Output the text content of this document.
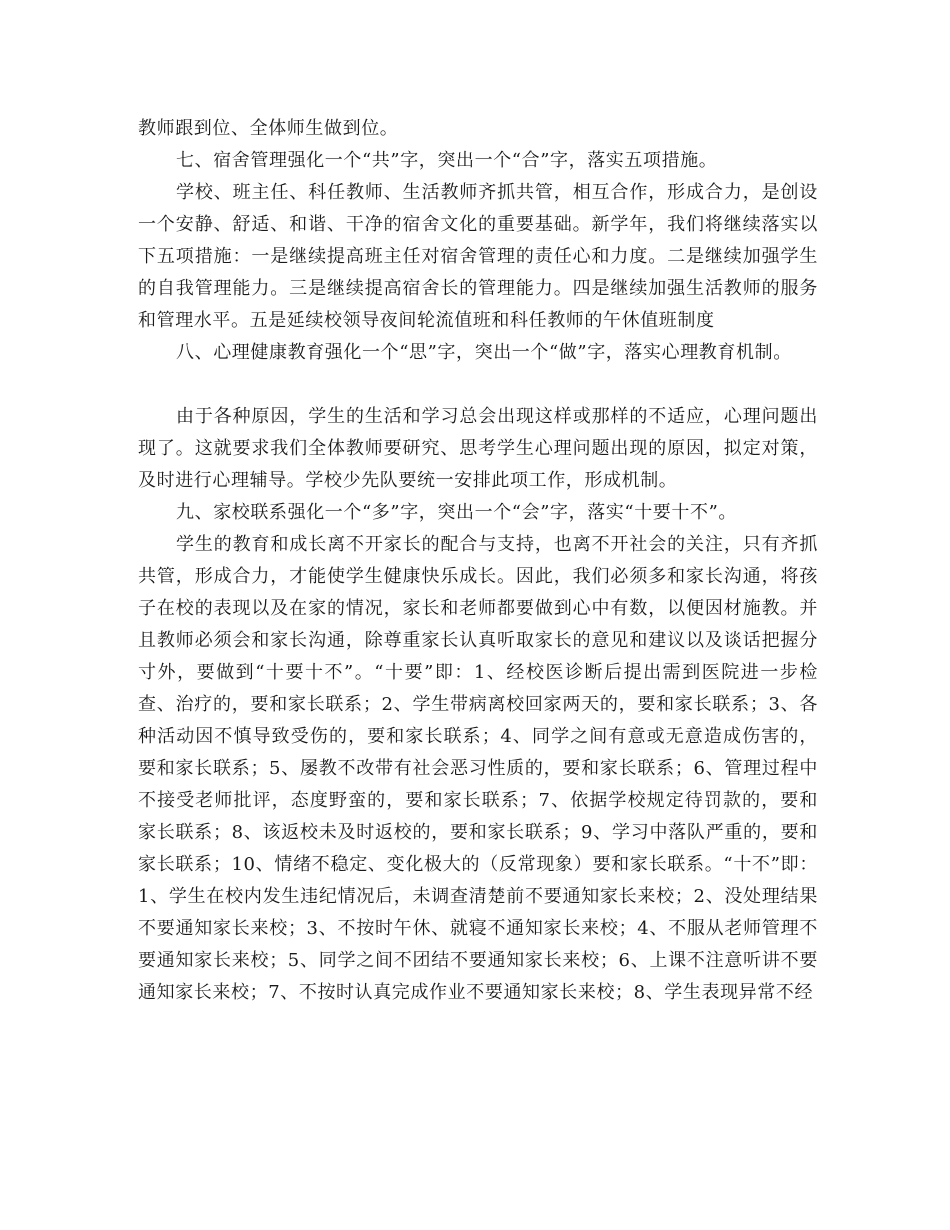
教师跟到位、全体师生做到位。

七、宿舍管理强化一个“共”字，突出一个“合”字，落实五项措施。

学校、班主任、科任教师、生活教师齐抓共管，相互合作，形成合力，是创设一个安静、舒适、和谐、干净的宿舍文化的重要基础。新学年，我们将继续落实以下五项措施：一是继续提高班主任对宿舍管理的责任心和力度。二是继续加强学生的自我管理能力。三是继续提高宿舍长的管理能力。四是继续加强生活教师的服务和管理水平。五是延续校领导夜间轮流值班和科任教师的午休值班制度

八、心理健康教育强化一个“思”字，突出一个“做”字，落实心理教育机制。

由于各种原因，学生的生活和学习总会出现这样或那样的不适应，心理问题出现了。这就要求我们全体教师要研究、思考学生心理问题出现的原因，拟定对策，及时进行心理辅导。学校少先队要统一安排此项工作，形成机制。

九、家校联系强化一个“多”字，突出一个“会”字，落实“十要十不”。

学生的教育和成长离不开家长的配合与支持，也离不开社会的关注，只有齐抓共管，形成合力，才能使学生健康快乐成长。因此，我们必须多和家长沟通，将孩子在校的表现以及在家的情况，家长和老师都要做到心中有数，以便因材施教。并且教师必须会和家长沟通，除尊重家长认真听取家长的意见和建议以及谈话把握分寸外，要做到“十要十不”。“十要”即：1、经校医诊断后提出需到医院进一步检查、治疗的，要和家长联系；2、学生带病离校回家两天的，要和家长联系；3、各种活动因不慎导致受伤的，要和家长联系；4、同学之间有意或无意造成伤害的，要和家长联系；5、屡教不改带有社会恶习性质的，要和家长联系；6、管理过程中不接受老师批评，态度野蛮的，要和家长联系；7、依据学校规定待罚款的，要和家长联系；8、该返校未及时返校的，要和家长联系；9、学习中落队严重的，要和家长联系；10、情绪不稳定、变化极大的（反常现象）要和家长联系。“十不”即：1、学生在校内发生违纪情况后，未调查清楚前不要通知家长来校；2、没处理结果不要通知家长来校；3、不按时午休、就寝不通知家长来校；4、不服从老师管理不要通知家长来校；5、同学之间不团结不要通知家长来校；6、上课不注意听讲不要通知家长来校；7、不按时认真完成作业不要通知家长来校；8、学生表现异常不经
